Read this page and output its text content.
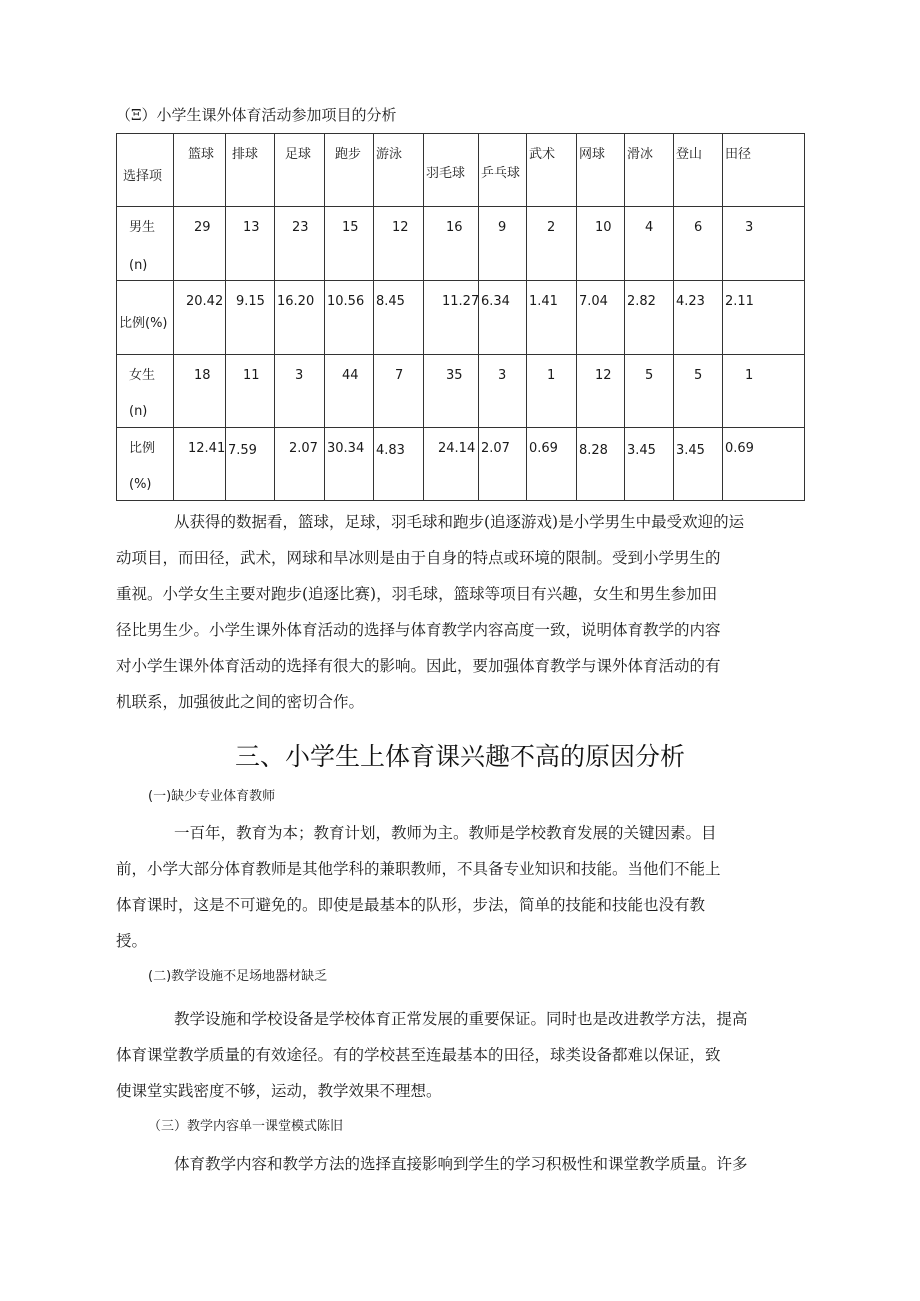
（Ξ）小学生课外体育活动参加项目的分析
选择项	篮球	排球	足球	跑步	游泳	羽毛球	乒乓球	武术	网球	滑冰	登山	田径

男生
(n)	29	13	23	15	12	16	9	2	10	4	6	3

比例(%)	20.42	9.15	16.20	10.56	8.45	11.27	6.34	1.41	7.04	2.82	4.23	2.11

女生
(n)	18	11	3	44	7	35	3	1	12	5	5	1

比例
(%)	12.41	7.59	2.07	30.34	4.83	24.14	2.07	0.69	8.28	3.45	3.45	0.69
从获得的数据看，篮球，足球，羽毛球和跑步(追逐游戏)是小学男生中最受欢迎的运
动项目，而田径，武术，网球和旱冰则是由于自身的特点或环境的限制。受到小学男生的
重视。小学女生主要对跑步(追逐比赛)，羽毛球，篮球等项目有兴趣，女生和男生参加田
径比男生少。小学生课外体育活动的选择与体育教学内容高度一致，说明体育教学的内容
对小学生课外体育活动的选择有很大的影响。因此，要加强体育教学与课外体育活动的有
机联系，加强彼此之间的密切合作。
三、小学生上体育课兴趣不高的原因分析
(一)缺少专业体育教师
一百年，教育为本；教育计划，教师为主。教师是学校教育发展的关键因素。目
前，小学大部分体育教师是其他学科的兼职教师，不具备专业知识和技能。当他们不能上
体育课时，这是不可避免的。即使是最基本的队形，步法，简单的技能和技能也没有教
授。
(二)教学设施不足场地器材缺乏
教学设施和学校设备是学校体育正常发展的重要保证。同时也是改进教学方法，提高
体育课堂教学质量的有效途径。有的学校甚至连最基本的田径，球类设备都难以保证，致
使课堂实践密度不够，运动，教学效果不理想。
（三）教学内容单一课堂模式陈旧
体育教学内容和教学方法的选择直接影响到学生的学习积极性和课堂教学质量。许多
